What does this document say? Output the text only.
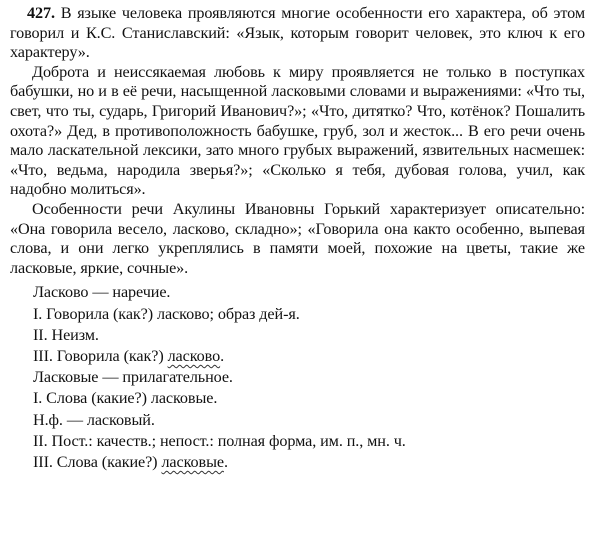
427. В языке человека проявляются многие особенности его характера, об этом говорил и К.С. Станиславский: «Язык, которым говорит человек, это ключ к его характеру».

Доброта и неиссякаемая любовь к миру проявляется не только в поступках бабушки, но и в её речи, насыщенной ласковыми словами и выражениями: «Что ты, свет, что ты, сударь, Григорий Иванович?»; «Что, дитятко? Что, котёнок? Пошалить охота?» Дед, в противоположность бабушке, груб, зол и жесток... В его речи очень мало ласкательной лексики, зато много грубых выражений, язвительных насмешек: «Что, ведьма, народила зверья?»; «Сколько я тебя, дубовая голова, учил, как надобно молиться».

Особенности речи Акулины Ивановны Горький характеризует описательно: «Она говорила весело, ласково, складно»; «Говорила она както особенно, выпевая слова, и они легко укреплялись в памяти моей, похожие на цветы, такие же ласковые, яркие, сочные».

Ласково — наречие.
I. Говорила (как?) ласково; образ дей-я.
II. Неизм.
III. Говорила (как?) ласково.
Ласковые — прилагательное.
I. Слова (какие?) ласковые.
Н.ф. — ласковый.
II. Пост.: качеств.; непост.: полная форма, им. п., мн. ч.
III. Слова (какие?) ласковые.
